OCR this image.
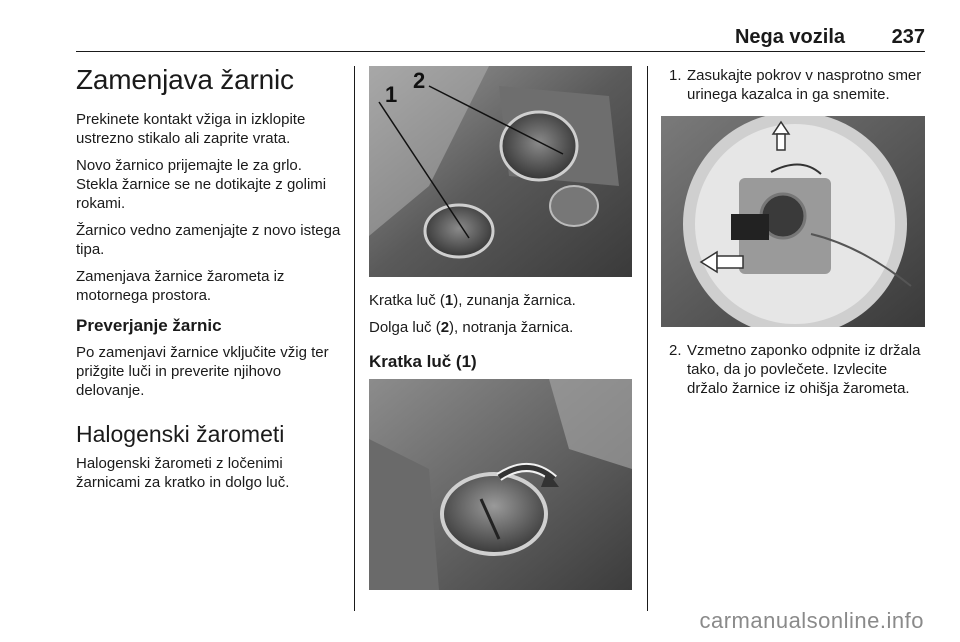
Nega vozila 237
Zamenjava žarnic

Prekinete kontakt vžiga in izklopite ustrezno stikalo ali zaprite vrata.

Novo žarnico prijemajte le za grlo. Stekla žarnice se ne dotikajte z golimi rokami.

Žarnico vedno zamenjajte z novo istega tipa.

Zamenjava žarnice žarometa iz motornega prostora.

Preverjanje žarnic

Po zamenjavi žarnice vključite vžig ter prižgite luči in preverite njihovo delovanje.

Halogenski žarometi

Halogenski žarometi z ločenimi žarnicami za kratko in dolgo luč.

1
2

Kratka luč (1), zunanja žarnica.

Dolga luč (2), notranja žarnica.

Kratka luč (1)
1. Zasukajte pokrov v nasprotno smer urinega kazalca in ga snemite.
2. Vzmetno zaponko odpnite iz držala tako, da jo povlečete. Izvlecite držalo žarnice iz ohišja žarometa.
carmanualsonline.info
